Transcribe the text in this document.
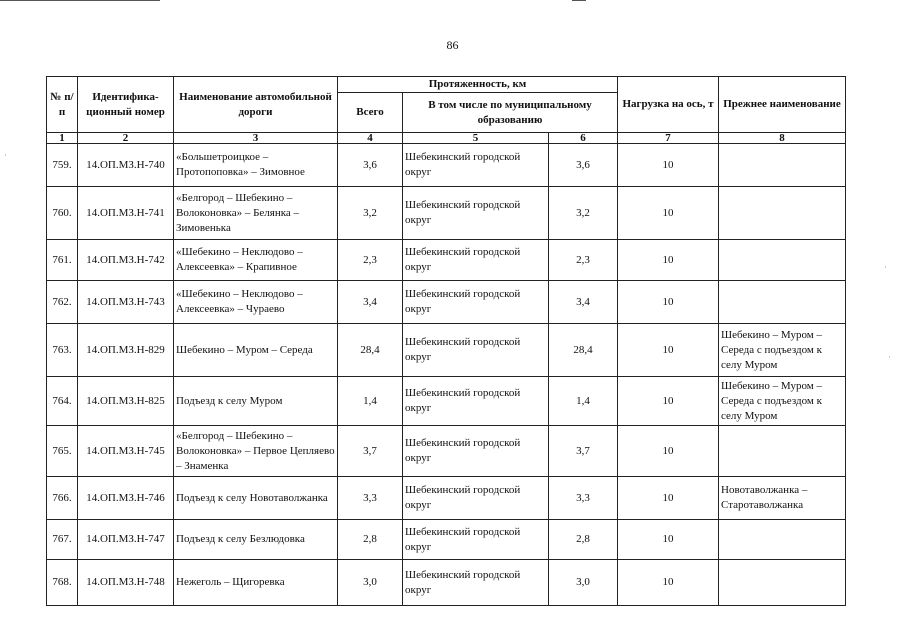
86
№ п/п	Идентифика-ционный номер	Наименование автомобильной дороги	Протяженность, км			Нагрузка на ось, т	Прежнее наименование
			Всего	В том числе по муниципальному образованию			
1	2	3	4	5	6	7	8
759.	14.ОП.МЗ.Н-740	«Большетроицкое – Протопоповка» – Зимовное	3,6	Шебекинский городской округ	3,6	10	
760.	14.ОП.МЗ.Н-741	«Белгород – Шебекино – Волоконовка» – Белянка – Зимовенька	3,2	Шебекинский городской округ	3,2	10	
761.	14.ОП.МЗ.Н-742	«Шебекино – Неклюдово – Алексеевка» – Крапивное	2,3	Шебекинский городской округ	2,3	10	
762.	14.ОП.МЗ.Н-743	«Шебекино – Неклюдово – Алексеевка» – Чураево	3,4	Шебекинский городской округ	3,4	10	
763.	14.ОП.МЗ.Н-829	Шебекино – Муром – Середа	28,4	Шебекинский городской округ	28,4	10	Шебекино – Муром – Середа с подъездом к селу Муром
764.	14.ОП.МЗ.Н-825	Подъезд к селу Муром	1,4	Шебекинский городской округ	1,4	10	Шебекино – Муром – Середа с подъездом к селу Муром
765.	14.ОП.МЗ.Н-745	«Белгород – Шебекино – Волоконовка» – Первое Цепляево – Знаменка	3,7	Шебекинский городской округ	3,7	10	
766.	14.ОП.МЗ.Н-746	Подъезд к селу Новотаволжанка	3,3	Шебекинский городской округ	3,3	10	Новотаволжанка – Старотаволжанка
767.	14.ОП.МЗ.Н-747	Подъезд к селу Безлюдовка	2,8	Шебекинский городской округ	2,8	10	
768.	14.ОП.МЗ.Н-748	Нежеголь – Щигоревка	3,0	Шебекинский городской округ	3,0	10	
·
·
·
